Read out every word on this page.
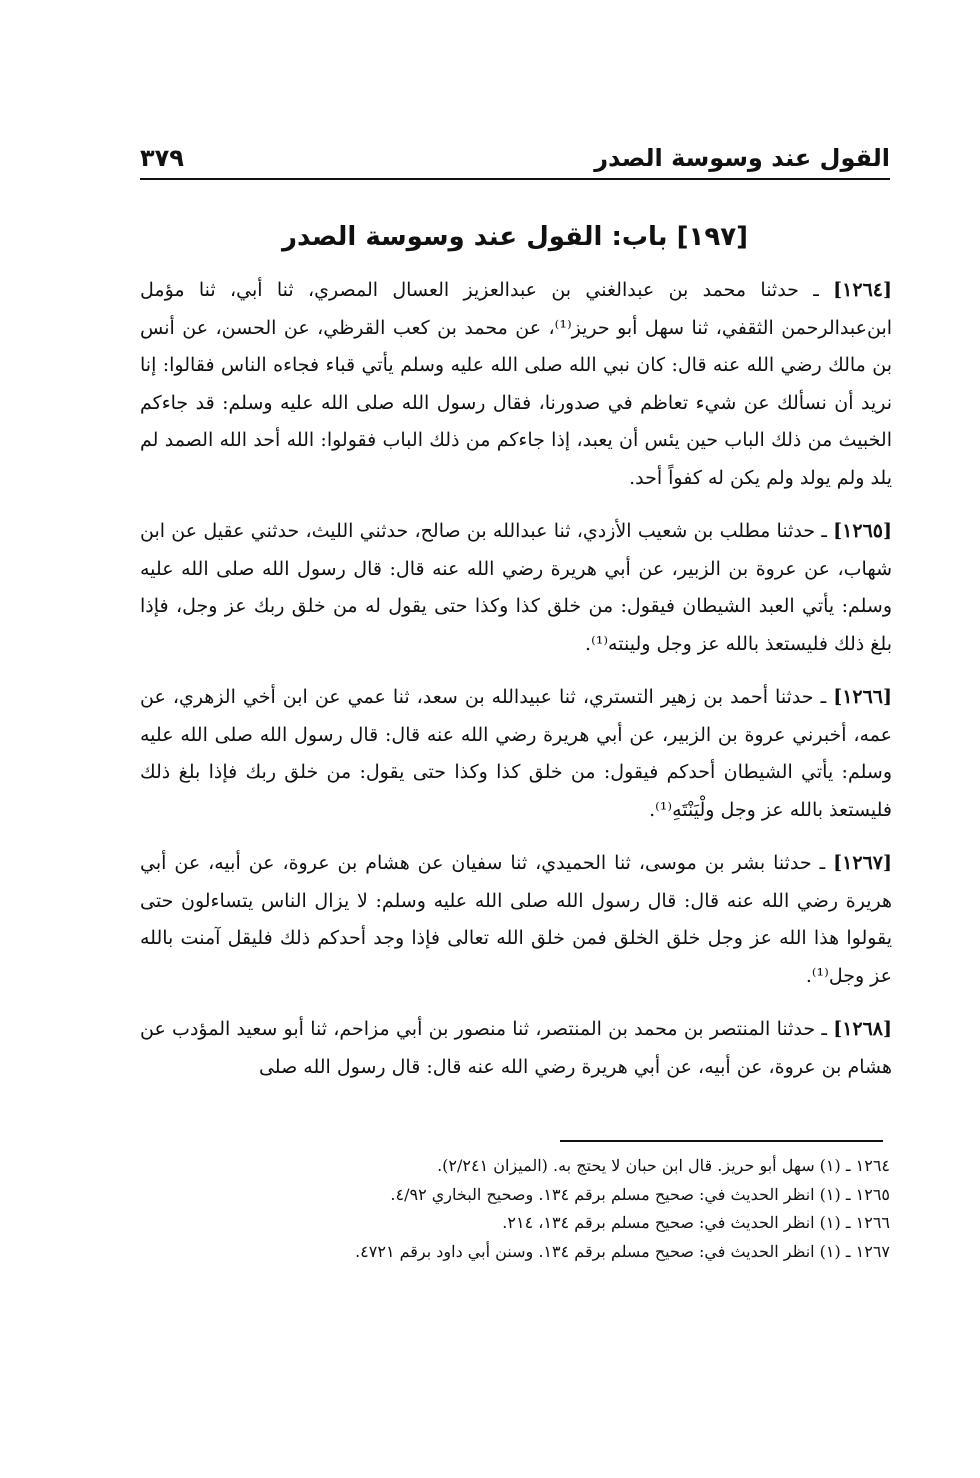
القول عند وسوسة الصدر
٣٧٩
[١٩٧] باب: القول عند وسوسة الصدر

[١٢٦٤] ـ حدثنا محمد بن عبدالغني بن عبدالعزيز العسال المصري، ثنا أبي، ثنا مؤمل ابن‌عبدالرحمن الثقفي، ثنا سهل أبو حريز⁽¹⁾، عن محمد بن كعب القرظي، عن الحسن، عن أنس بن مالك رضي الله عنه قال: كان نبي الله صلى الله عليه وسلم يأتي قباء فجاءه الناس فقالوا: إنا نريد أن نسألك عن شيء تعاظم في صدورنا، فقال رسول الله صلى الله عليه وسلم: قد جاءكم الخبيث من ذلك الباب حين يئس أن يعبد، إذا جاءكم من ذلك الباب فقولوا: الله أحد الله الصمد لم يلد ولم يولد ولم يكن له كفواً أحد.

[١٢٦٥] ـ حدثنا مطلب بن شعيب الأزدي، ثنا عبدالله بن صالح، حدثني الليث، حدثني عقيل عن ابن شهاب، عن عروة بن الزبير، عن أبي هريرة رضي الله عنه قال: قال رسول الله صلى الله عليه وسلم: يأتي العبد الشيطان فيقول: من خلق كذا وكذا حتى يقول له من خلق ربك عز وجل، فإذا بلغ ذلك فليستعذ بالله عز وجل ولينته⁽¹⁾.

[١٢٦٦] ـ حدثنا أحمد بن زهير التستري، ثنا عبيدالله بن سعد، ثنا عمي عن ابن أخي الزهري، عن عمه، أخبرني عروة بن الزبير، عن أبي هريرة رضي الله عنه قال: قال رسول الله صلى الله عليه وسلم: يأتي الشيطان أحدكم فيقول: من خلق كذا وكذا حتى يقول: من خلق ربك فإذا بلغ ذلك فليستعذ بالله عز وجل ولْيَنْتَهِ⁽¹⁾.

[١٢٦٧] ـ حدثنا بشر بن موسى، ثنا الحميدي، ثنا سفيان عن هشام بن عروة، عن أبيه، عن أبي هريرة رضي الله عنه قال: قال رسول الله صلى الله عليه وسلم: لا يزال الناس يتساءلون حتى يقولوا هذا الله عز وجل خلق الخلق فمن خلق الله تعالى فإذا وجد أحدكم ذلك فليقل آمنت بالله عز وجل⁽¹⁾.

[١٢٦٨] ـ حدثنا المنتصر بن محمد بن المنتصر، ثنا منصور بن أبي مزاحم، ثنا أبو سعيد المؤدب عن هشام بن عروة، عن أبيه، عن أبي هريرة رضي الله عنه قال: قال رسول الله صلى

١٢٦٤ ـ (١) سهل أبو حريز. قال ابن حبان لا يحتج به. (الميزان ٢/٢٤١).
١٢٦٥ ـ (١) انظر الحديث في: صحيح مسلم برقم ١٣٤. وصحيح البخاري ٤/٩٢.
١٢٦٦ ـ (١) انظر الحديث في: صحيح مسلم برقم ١٣٤، ٢١٤.
١٢٦٧ ـ (١) انظر الحديث في: صحيح مسلم برقم ١٣٤. وسنن أبي داود برقم ٤٧٢١.
